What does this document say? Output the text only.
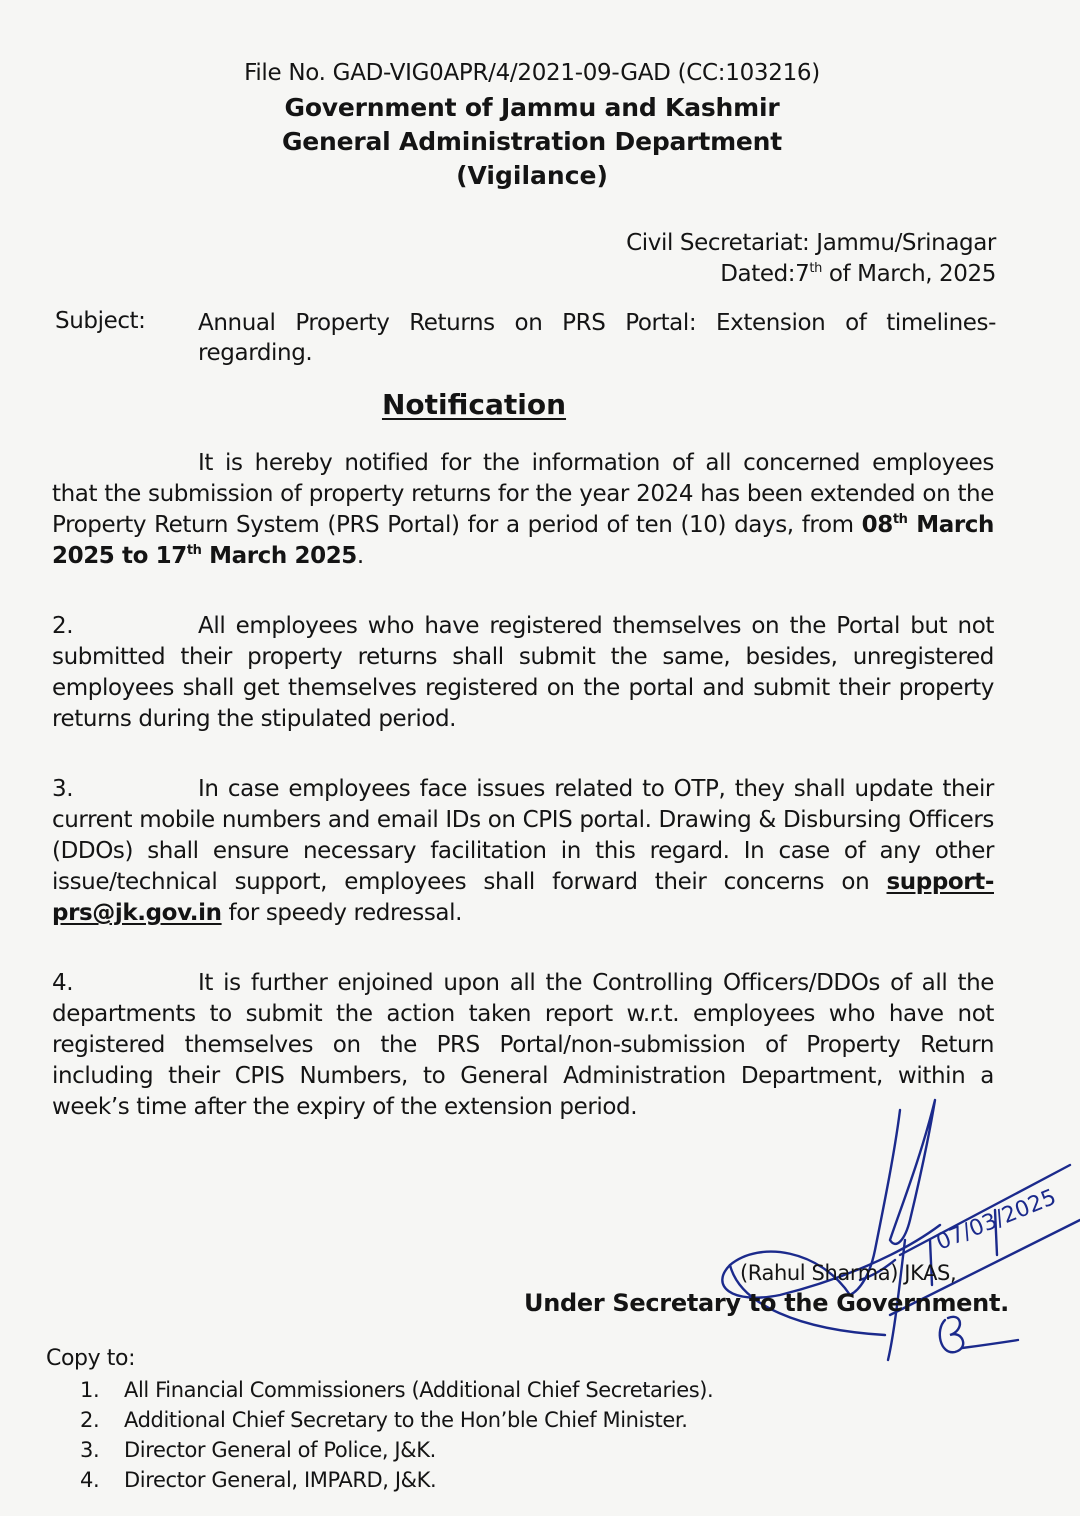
File No. GAD-VIG0APR/4/2021-09-GAD (CC:103216)
Government of Jammu and Kashmir
General Administration Department
(Vigilance)
Civil Secretariat: Jammu/Srinagar
Dated:7th of March, 2025
Subject: Annual Property Returns on PRS Portal: Extension of timelines-regarding.
Notification
It is hereby notified for the information of all concerned employees that the submission of property returns for the year 2024 has been extended on the Property Return System (PRS Portal) for a period of ten (10) days, from 08th March 2025 to 17th March 2025.
2.	All employees who have registered themselves on the Portal but not submitted their property returns shall submit the same, besides, unregistered employees shall get themselves registered on the portal and submit their property returns during the stipulated period.
3.	In case employees face issues related to OTP, they shall update their current mobile numbers and email IDs on CPIS portal. Drawing & Disbursing Officers (DDOs) shall ensure necessary facilitation in this regard. In case of any other issue/technical support, employees shall forward their concerns on support-prs@jk.gov.in for speedy redressal.
4.	It is further enjoined upon all the Controlling Officers/DDOs of all the departments to submit the action taken report w.r.t. employees who have not registered themselves on the PRS Portal/non-submission of Property Return including their CPIS Numbers, to General Administration Department, within a week’s time after the expiry of the extension period.
07/03/2025
(Rahul Sharma) JKAS,
Under Secretary to the Government.
Copy to:
1. All Financial Commissioners (Additional Chief Secretaries).
2. Additional Chief Secretary to the Hon’ble Chief Minister.
3. Director General of Police, J&K.
4. Director General, IMPARD, J&K.
